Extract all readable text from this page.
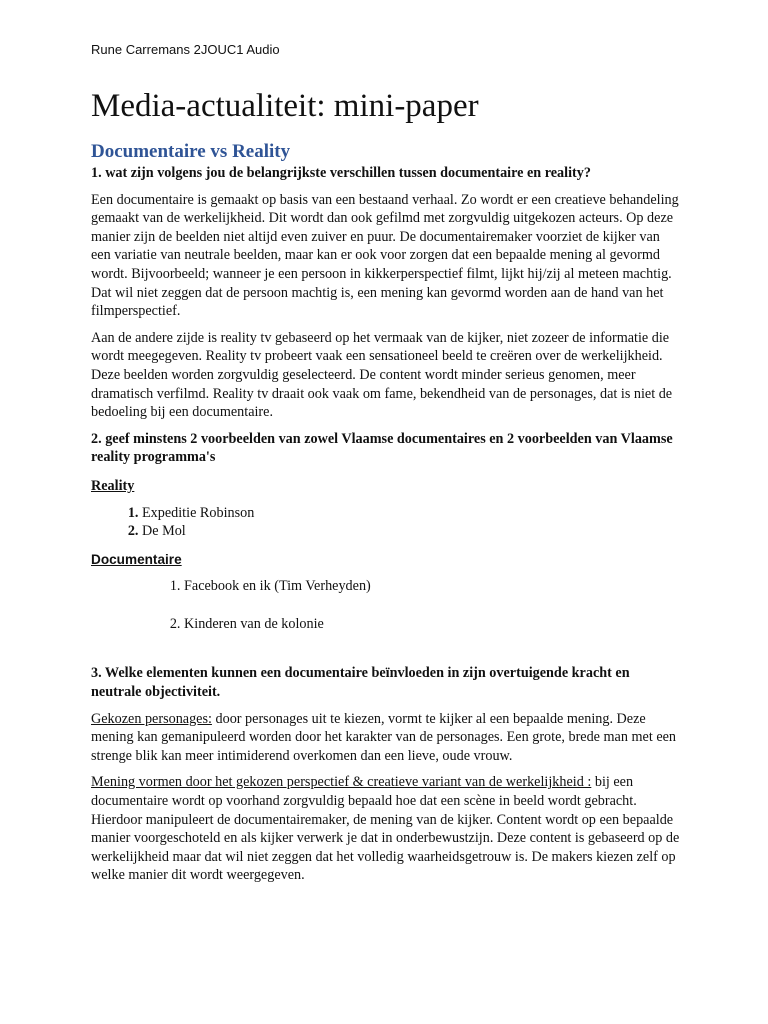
Rune Carremans 2JOUC1 Audio
Media-actualiteit: mini-paper
Documentaire vs Reality
1. wat zijn volgens jou de belangrijkste verschillen tussen documentaire en reality?

Een documentaire is gemaakt op basis van een bestaand verhaal. Zo wordt er een creatieve behandeling gemaakt van de werkelijkheid. Dit wordt dan ook gefilmd met zorgvuldig uitgekozen acteurs. Op deze manier zijn de beelden niet altijd even zuiver en puur. De documentairemaker voorziet de kijker van een variatie van neutrale beelden, maar kan er ook voor zorgen dat een bepaalde mening al gevormd wordt. Bijvoorbeeld; wanneer je een persoon in kikkerperspectief filmt, lijkt hij/zij al meteen machtig. Dat wil niet zeggen dat de persoon machtig is, een mening kan gevormd worden aan de hand van het filmperspectief.

Aan de andere zijde is reality tv gebaseerd op het vermaak van de kijker, niet zozeer de informatie die wordt meegegeven. Reality tv probeert vaak een sensationeel beeld te creëren over de werkelijkheid. Deze beelden worden zorgvuldig geselecteerd. De content wordt minder serieus genomen, meer dramatisch verfilmd. Reality tv draait ook vaak om fame, bekendheid van de personages, dat is niet de bedoeling bij een documentaire.

2. geef minstens 2 voorbeelden van zowel Vlaamse documentaires en 2 voorbeelden van Vlaamse reality programma's
Reality
1. Expeditie Robinson
2. De Mol
Documentaire
1. Facebook en ik (Tim Verheyden)
2. Kinderen van de kolonie
3. Welke elementen kunnen een documentaire beïnvloeden in zijn overtuigende kracht en neutrale objectiviteit.

Gekozen personages: door personages uit te kiezen, vormt te kijker al een bepaalde mening. Deze mening kan gemanipuleerd worden door het karakter van de personages. Een grote, brede man met een strenge blik kan meer intimiderend overkomen dan een lieve, oude vrouw.

Mening vormen door het gekozen perspectief & creatieve variant van de werkelijkheid : bij een documentaire wordt op voorhand zorgvuldig bepaald hoe dat een scène in beeld wordt gebracht. Hierdoor manipuleert de documentairemaker, de mening van de kijker. Content wordt op een bepaalde manier voorgeschoteld en als kijker verwerk je dat in onderbewustzijn. Deze content is gebaseerd op de werkelijkheid maar dat wil niet zeggen dat het volledig waarheidsgetrouw is. De makers kiezen zelf op welke manier dit wordt weergegeven.
